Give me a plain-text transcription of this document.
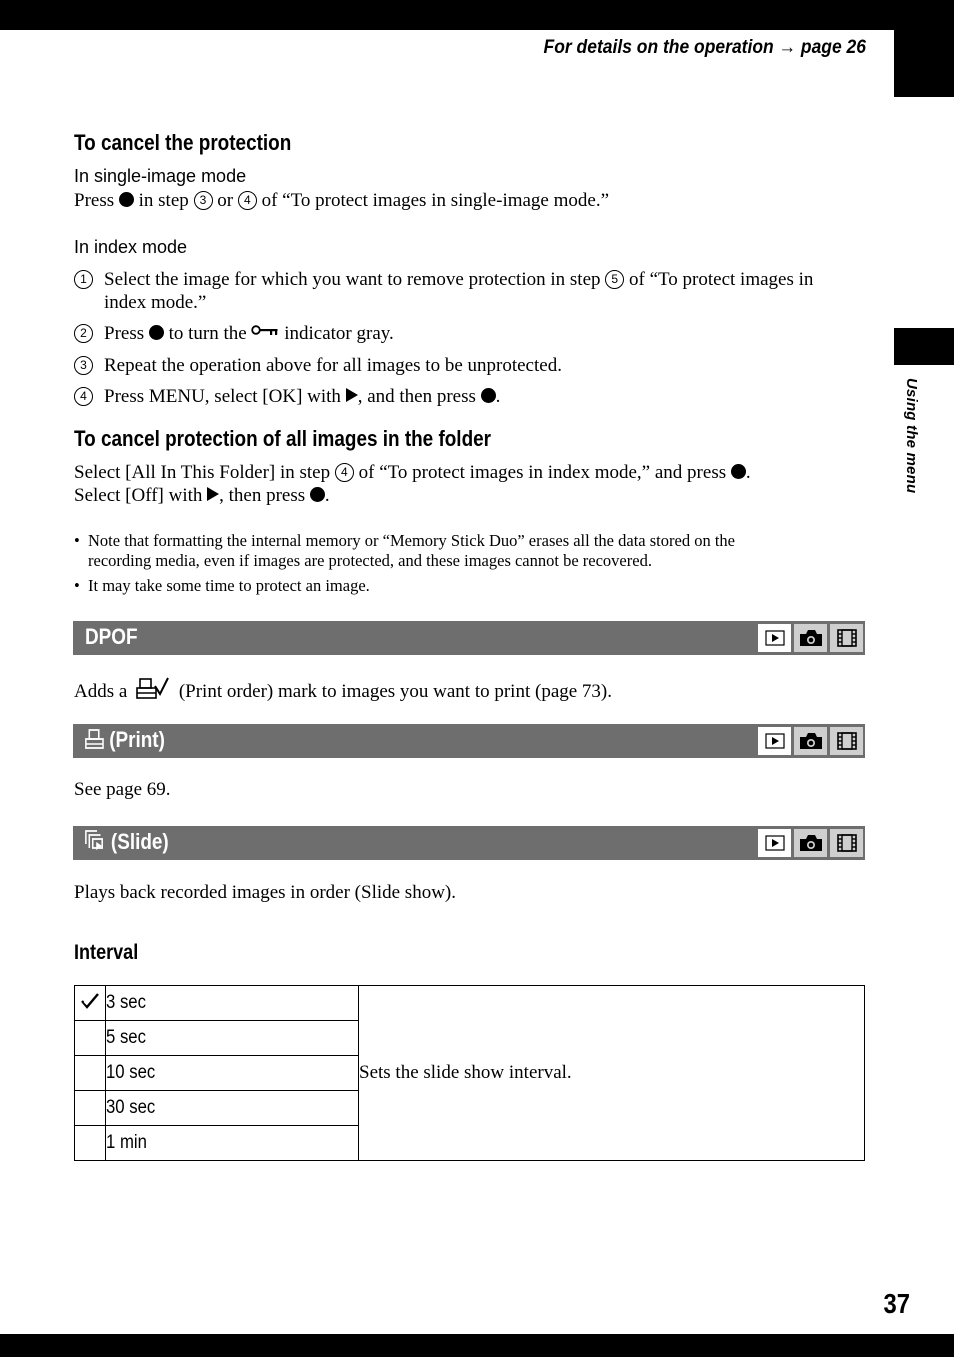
Using the menu
37
For details on the operation → page 26
To cancel the protection
In single-image mode
Press in step 3 or 4 of “To protect images in single-image mode.”
In index mode
1 Select the image for which you want to remove protection in step 5 of “To protect images in
index mode.”
2 Press to turn the indicator gray.
3 Repeat the operation above for all images to be unprotected.
4 Press MENU, select [OK] with , and then press .
To cancel protection of all images in the folder
Select [All In This Folder] in step 4 of “To protect images in index mode,” and press .
Select [Off] with , then press .
• Note that formatting the internal memory or “Memory Stick Duo” erases all the data stored on the
recording media, even if images are protected, and these images cannot be recovered.
• It may take some time to protect an image.
DPOF
Adds a	(Print order) mark to images you want to print (page 73).
(Print)
See page 69.
(Slide)
Plays back recorded images in order (Slide show).
Interval
	3 sec	Sets the slide show interval.
	5 sec	
	10 sec	
	30 sec	
	1 min	
